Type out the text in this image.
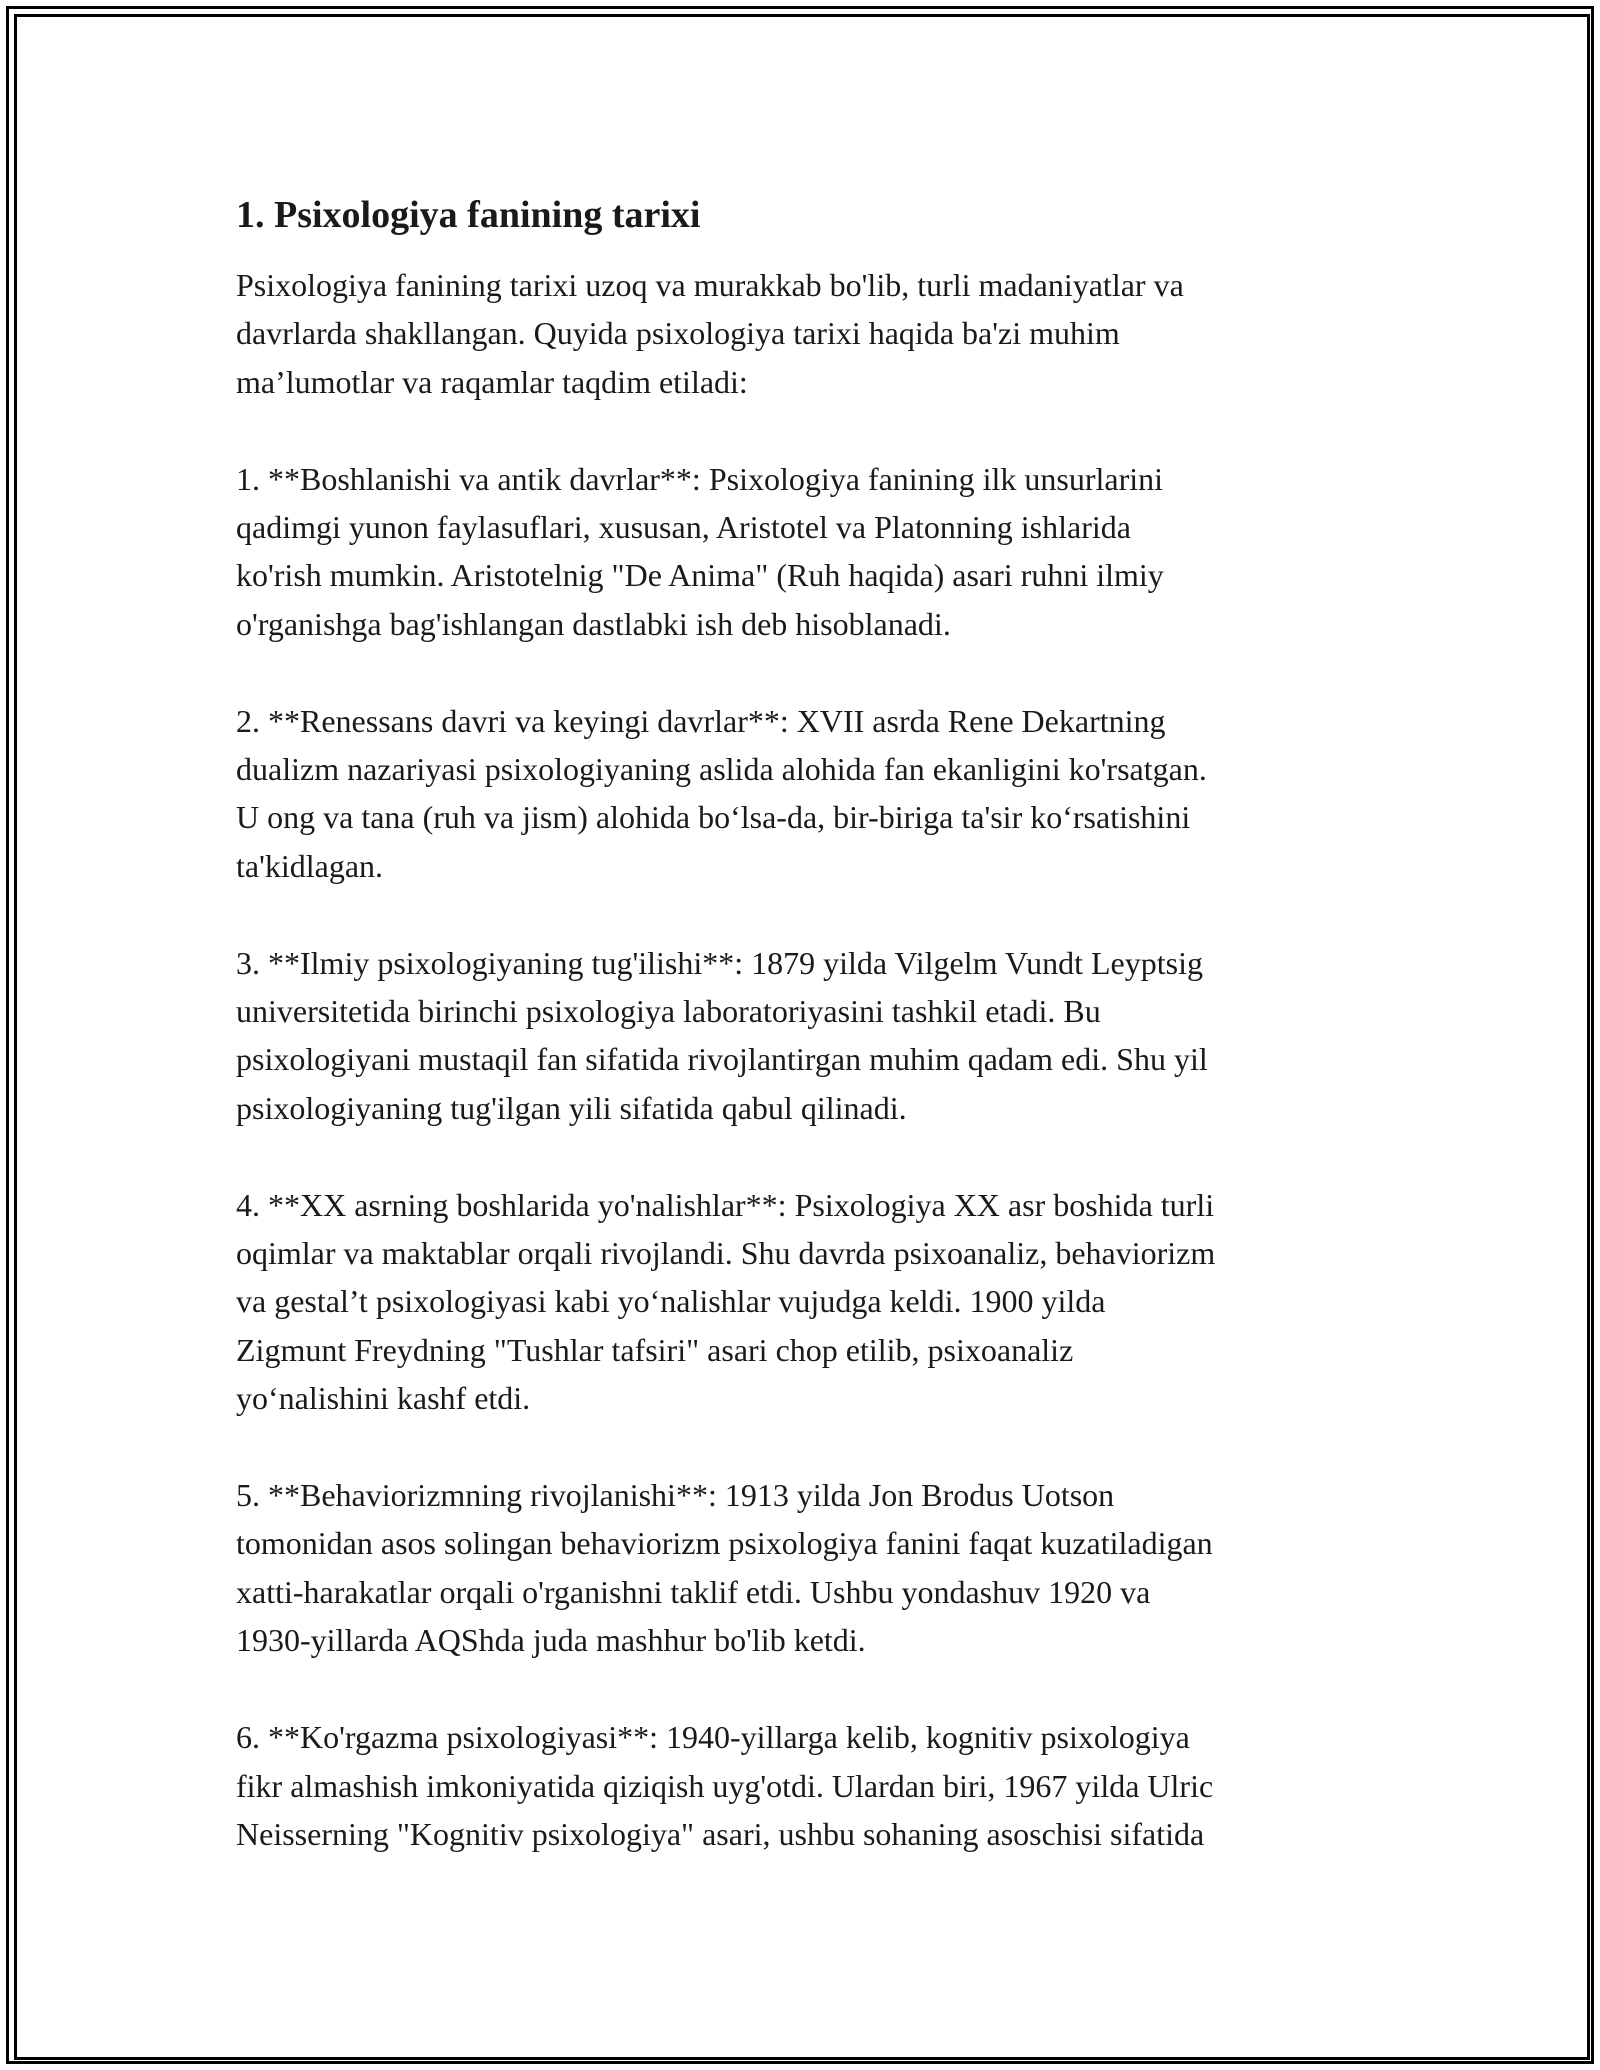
1. Psixologiya fanining tarixi

Psixologiya fanining tarixi uzoq va murakkab bo'lib, turli madaniyatlar va
davrlarda shakllangan. Quyida psixologiya tarixi haqida ba'zi muhim
ma’lumotlar va raqamlar taqdim etiladi:

1. **Boshlanishi va antik davrlar**: Psixologiya fanining ilk unsurlarini
qadimgi yunon faylasuflari, xususan, Aristotel va Platonning ishlarida
ko'rish mumkin. Aristotelnig "De Anima" (Ruh haqida) asari ruhni ilmiy
o'rganishga bag'ishlangan dastlabki ish deb hisoblanadi.

2. **Renessans davri va keyingi davrlar**: XVII asrda Rene Dekartning
dualizm nazariyasi psixologiyaning aslida alohida fan ekanligini ko'rsatgan.
U ong va tana (ruh va jism) alohida bo‘lsa-da, bir-biriga ta'sir ko‘rsatishini
ta'kidlagan.

3. **Ilmiy psixologiyaning tug'ilishi**: 1879 yilda Vilgelm Vundt Leyptsig
universitetida birinchi psixologiya laboratoriyasini tashkil etadi. Bu
psixologiyani mustaqil fan sifatida rivojlantirgan muhim qadam edi. Shu yil
psixologiyaning tug'ilgan yili sifatida qabul qilinadi.

4. **XX asrning boshlarida yo'nalishlar**: Psixologiya XX asr boshida turli
oqimlar va maktablar orqali rivojlandi. Shu davrda psixoanaliz, behaviorizm
va gestal’t psixologiyasi kabi yo‘nalishlar vujudga keldi. 1900 yilda
Zigmunt Freydning "Tushlar tafsiri" asari chop etilib, psixoanaliz
yo‘nalishini kashf etdi.

5. **Behaviorizmning rivojlanishi**: 1913 yilda Jon Brodus Uotson
tomonidan asos solingan behaviorizm psixologiya fanini faqat kuzatiladigan
xatti-harakatlar orqali o'rganishni taklif etdi. Ushbu yondashuv 1920 va
1930-yillarda AQShda juda mashhur bo'lib ketdi.

6. **Ko'rgazma psixologiyasi**: 1940-yillarga kelib, kognitiv psixologiya
fikr almashish imkoniyatida qiziqish uyg'otdi. Ulardan biri, 1967 yilda Ulric
Neisserning "Kognitiv psixologiya" asari, ushbu sohaning asoschisi sifatida
